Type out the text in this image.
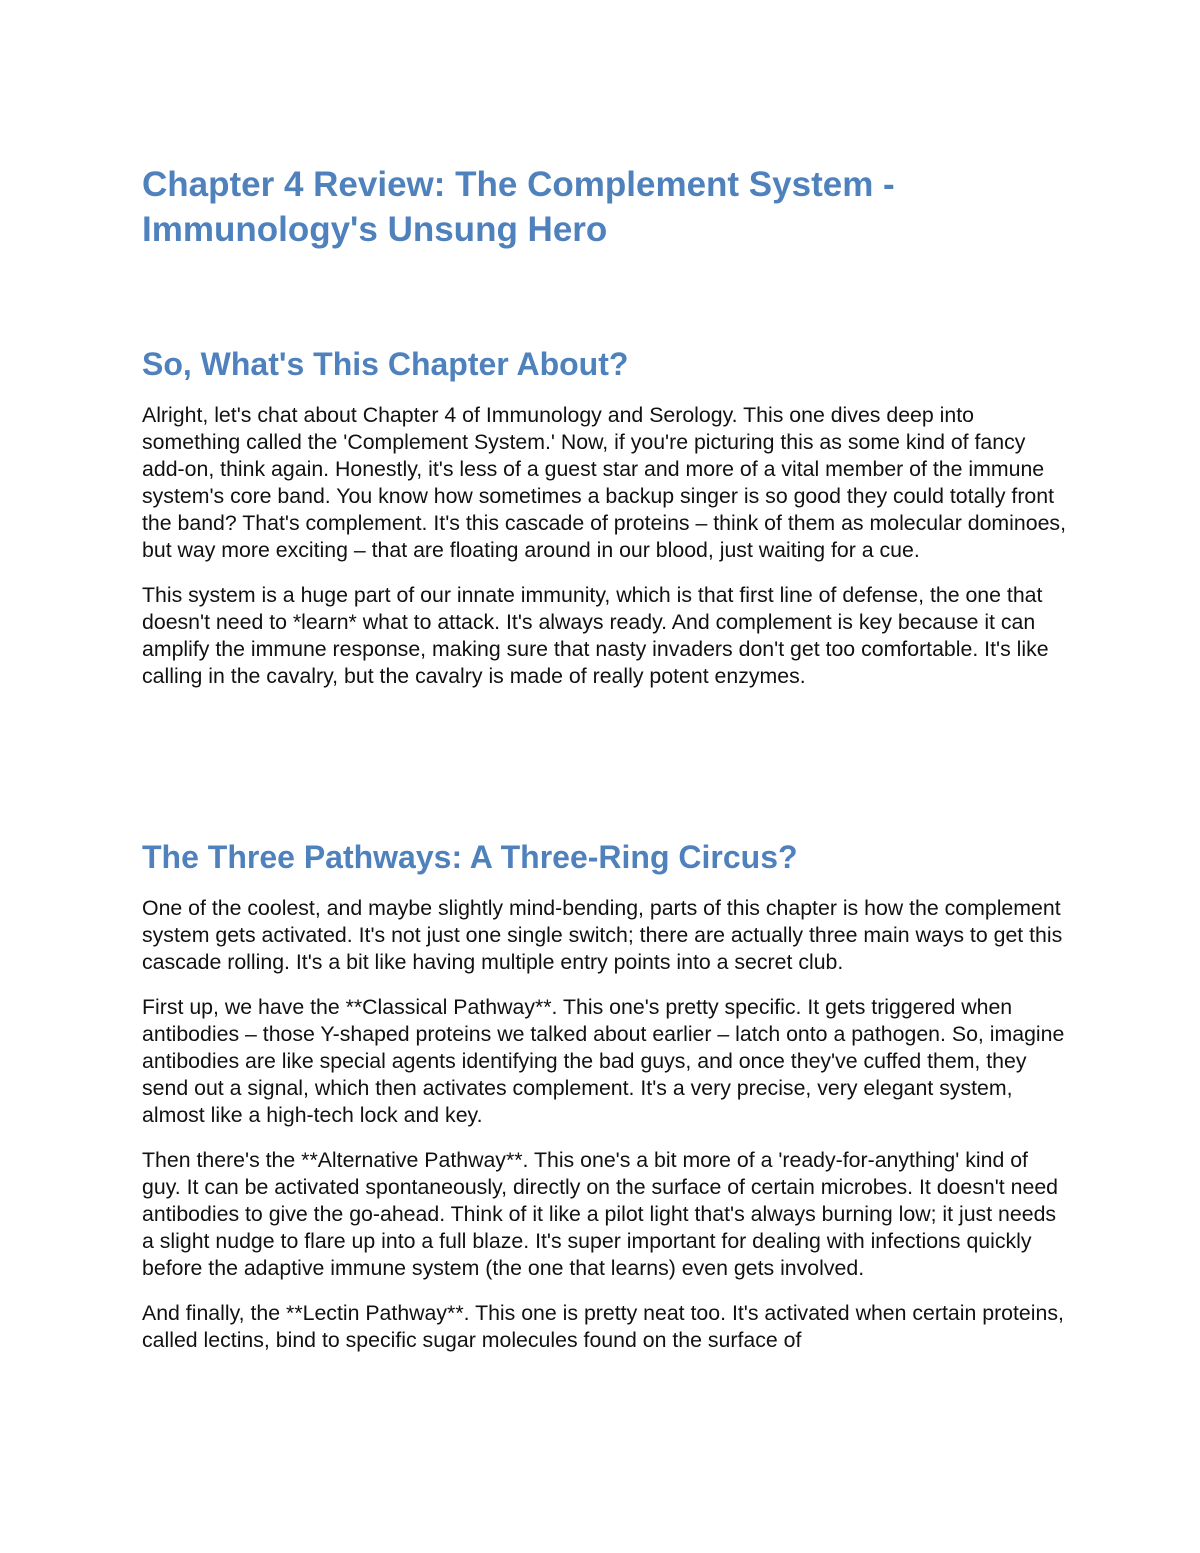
Chapter 4 Review: The Complement System - Immunology's Unsung Hero
So, What's This Chapter About?

Alright, let's chat about Chapter 4 of Immunology and Serology. This one dives deep into something called the 'Complement System.' Now, if you're picturing this as some kind of fancy add-on, think again. Honestly, it's less of a guest star and more of a vital member of the immune system's core band. You know how sometimes a backup singer is so good they could totally front the band? That's complement. It's this cascade of proteins – think of them as molecular dominoes, but way more exciting – that are floating around in our blood, just waiting for a cue.

This system is a huge part of our innate immunity, which is that first line of defense, the one that doesn't need to *learn* what to attack. It's always ready. And complement is key because it can amplify the immune response, making sure that nasty invaders don't get too comfortable. It's like calling in the cavalry, but the cavalry is made of really potent enzymes.

The Three Pathways: A Three-Ring Circus?

One of the coolest, and maybe slightly mind-bending, parts of this chapter is how the complement system gets activated. It's not just one single switch; there are actually three main ways to get this cascade rolling. It's a bit like having multiple entry points into a secret club.

First up, we have the **Classical Pathway**. This one's pretty specific. It gets triggered when antibodies – those Y-shaped proteins we talked about earlier – latch onto a pathogen. So, imagine antibodies are like special agents identifying the bad guys, and once they've cuffed them, they send out a signal, which then activates complement. It's a very precise, very elegant system, almost like a high-tech lock and key.

Then there's the **Alternative Pathway**. This one's a bit more of a 'ready-for-anything' kind of guy. It can be activated spontaneously, directly on the surface of certain microbes. It doesn't need antibodies to give the go-ahead. Think of it like a pilot light that's always burning low; it just needs a slight nudge to flare up into a full blaze. It's super important for dealing with infections quickly before the adaptive immune system (the one that learns) even gets involved.

And finally, the **Lectin Pathway**. This one is pretty neat too. It's activated when certain proteins, called lectins, bind to specific sugar molecules found on the surface of
